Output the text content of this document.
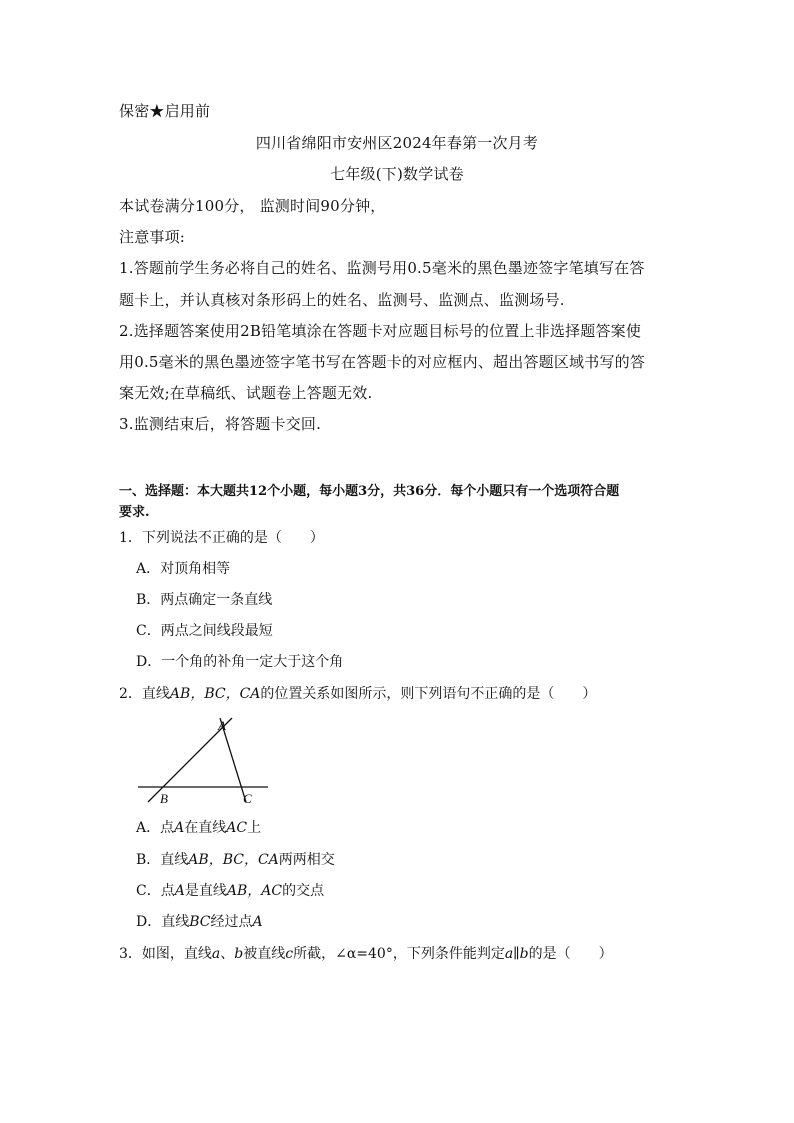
保密★启用前
四川省绵阳市安州区2024年春第一次月考
七年级(下)数学试卷
本试卷满分100分， 监测时间90分钟，
注意事项:
1.答题前学生务必将自己的姓名、监测号用0.5毫米的黑色墨迹签字笔填写在答
题卡上，并认真核对条形码上的姓名、监测号、监测点、监测场号.
2.选择题答案使用2B铅笔填涂在答题卡对应题目标号的位置上非选择题答案使
用0.5毫米的黑色墨迹签字笔书写在答题卡的对应框内、超出答题区域书写的答
案无效;在草稿纸、试题卷上答题无效.
3.监测结束后，将答题卡交回.
一、选择题：本大题共12个小题，每小题3分，共36分．每个小题只有一个选项符合题
要求.
1．下列说法不正确的是（　　）
A．对顶角相等
B．两点确定一条直线
C．两点之间线段最短
D．一个角的补角一定大于这个角
2．直线AB，BC，CA的位置关系如图所示，则下列语句不正确的是（　　）
A
B	C
A．点A在直线AC上
B．直线AB，BC，CA两两相交
C．点A是直线AB，AC的交点
D．直线BC经过点A
3．如图，直线a、b被直线c所截，∠α=40°，下列条件能判定a∥b的是（　　）
